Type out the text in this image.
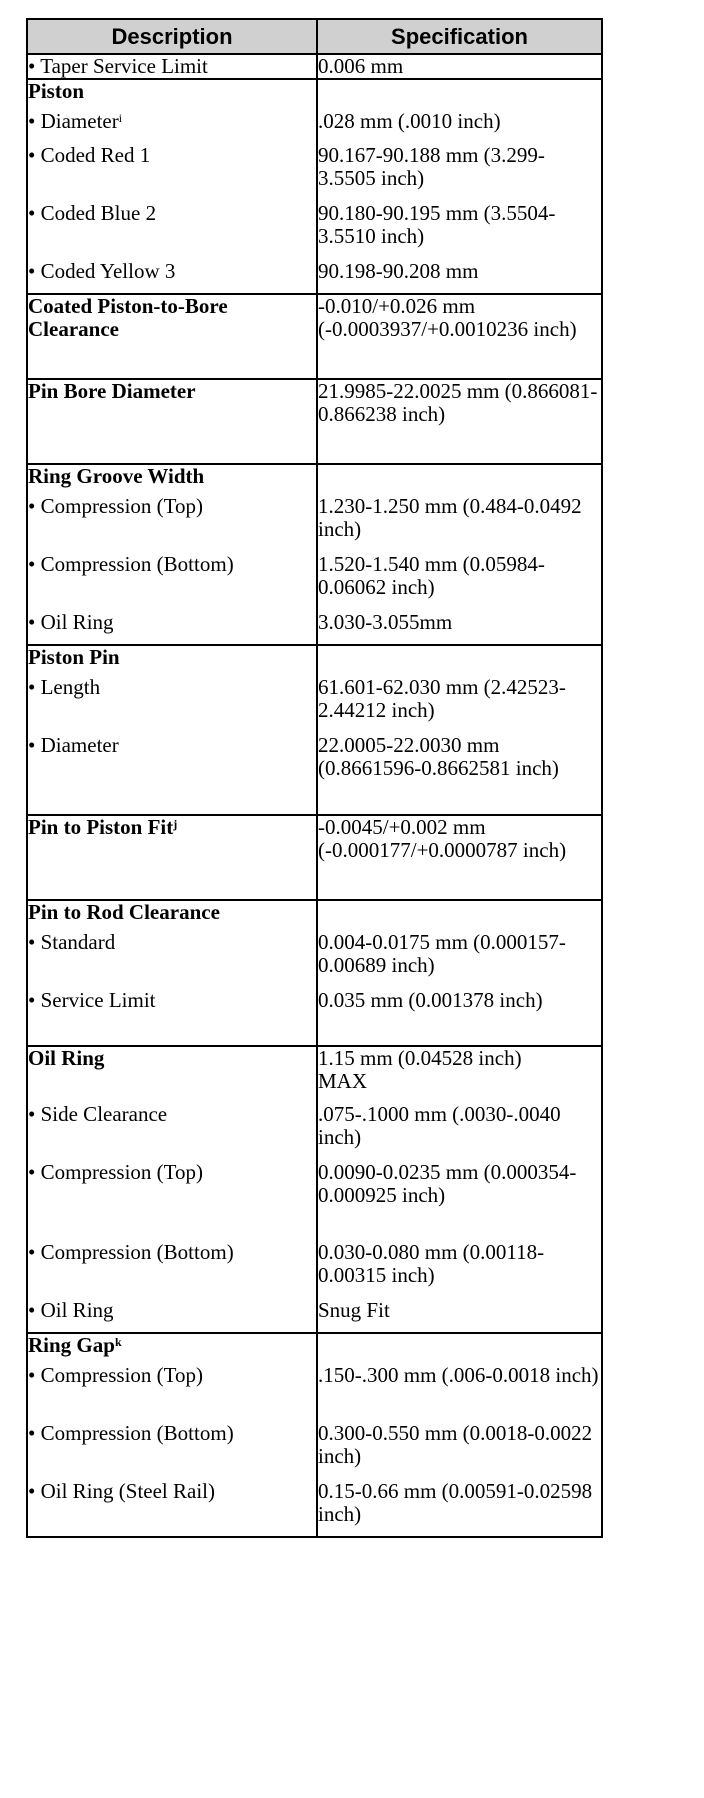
Description	Specification
• Taper Service Limit	0.006 mm
Piston	
• Diameter$^i$	.028 mm (.0010 inch)
• Coded Red 1	90.167-90.188 mm (3.299-3.5505 inch)
• Coded Blue 2	90.180-90.195 mm (3.5504-3.5510 inch)
• Coded Yellow 3	90.198-90.208 mm
Coated Piston-to-Bore Clearance	-0.010/+0.026 mm (-0.0003937/+0.0010236 inch)
Pin Bore Diameter	21.9985-22.0025 mm (0.866081-0.866238 inch)
Ring Groove Width	
• Compression (Top)	1.230-1.250 mm (0.484-0.0492 inch)
• Compression (Bottom)	1.520-1.540 mm (0.05984-0.06062 inch)
• Oil Ring	3.030-3.055mm
Piston Pin	
• Length	61.601-62.030 mm (2.42523-2.44212 inch)
• Diameter	22.0005-22.0030 mm (0.8661596-0.8662581 inch)
Pin to Piston Fit$^j$	-0.0045/+0.002 mm (-0.000177/+0.0000787 inch)
Pin to Rod Clearance	
• Standard	0.004-0.0175 mm (0.000157-0.00689 inch)
• Service Limit	0.035 mm (0.001378 inch)
Oil Ring	1.15 mm (0.04528 inch)
MAX
• Side Clearance	.075-.1000 mm (.0030-.0040 inch)
• Compression (Top)	0.0090-0.0235 mm (0.000354-0.000925 inch)
• Compression (Bottom)	0.030-0.080 mm (0.00118-0.00315 inch)
• Oil Ring	Snug Fit
Ring Gap$^k$	
• Compression (Top)	.150-.300 mm (.006-0.0018 inch)
• Compression (Bottom)	0.300-0.550 mm (0.0018-0.0022 inch)
• Oil Ring (Steel Rail)	0.15-0.66 mm (0.00591-0.02598 inch)
